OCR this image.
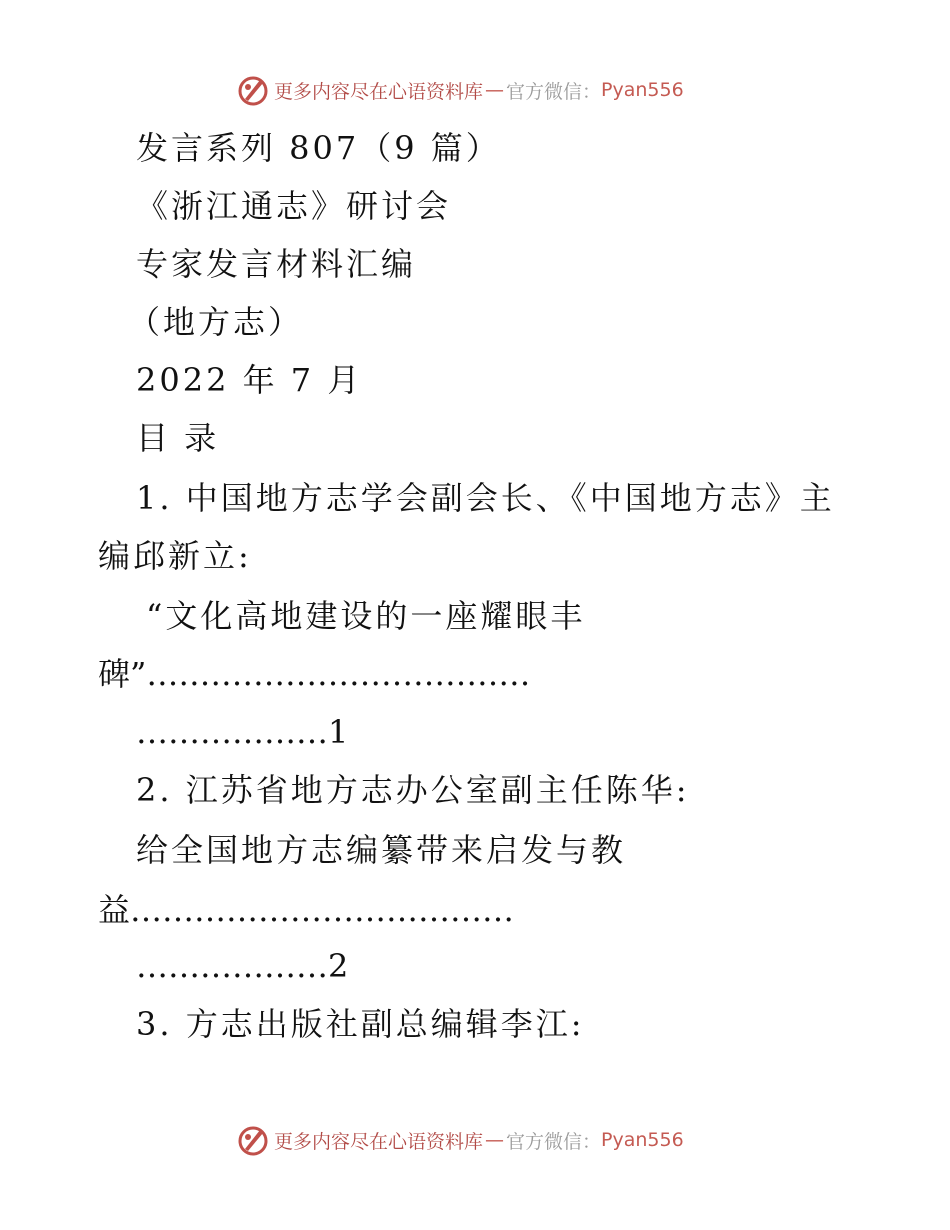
更多内容尽在心语资料库 — 官方微信： Pyan556
发言系列 807（9 篇）
《浙江通志》研讨会
专家发言材料汇编
（地方志）
2022 年 7 月
目 录
1. 中国地方志学会副会长、《中国地方志》主
编邱新立:
“文化高地建设的一座耀眼丰
碑”………………………………
………………1
2. 江苏省地方志办公室副主任陈华:
给全国地方志编纂带来启发与教
益………………………………
………………2
3. 方志出版社副总编辑李江:
更多内容尽在心语资料库 — 官方微信： Pyan556
